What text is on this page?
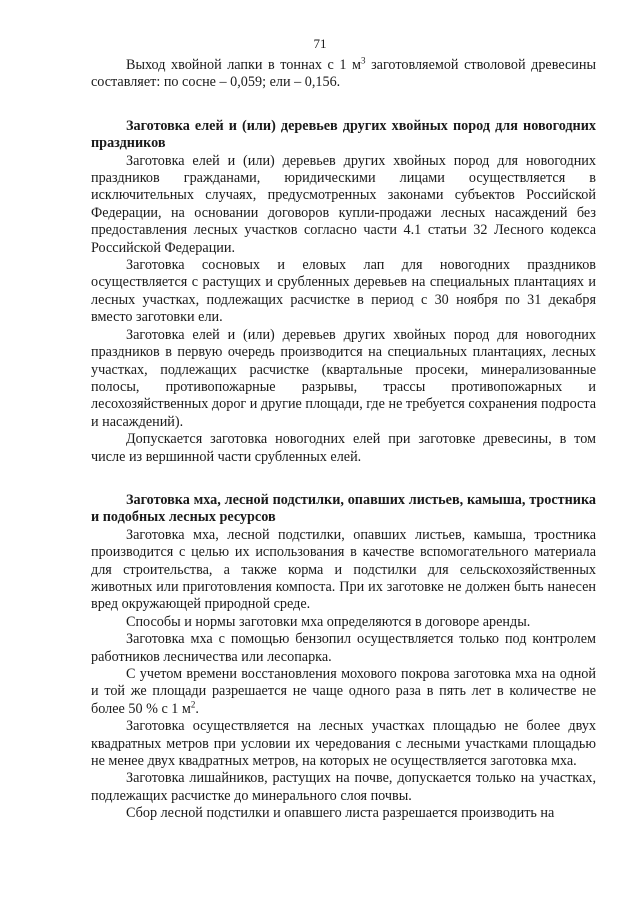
71

Выход хвойной лапки в тоннах с 1 $м^3$ заготовляемой стволовой древесины составляет: по сосне – 0,059; ели – 0,156.

Заготовка елей и (или) деревьев других хвойных пород для новогодних праздников

Заготовка елей и (или) деревьев других хвойных пород для новогодних праздников гражданами, юридическими лицами осуществляется в исключительных случаях, предусмотренных законами субъектов Российской Федерации, на основании договоров купли-продажи лесных насаждений без предоставления лесных участков согласно части 4.1 статьи 32 Лесного кодекса Российской Федерации.

Заготовка сосновых и еловых лап для новогодних праздников осуществляется с растущих и срубленных деревьев на специальных плантациях и лесных участках, подлежащих расчистке в период с 30 ноября по 31 декабря вместо заготовки ели.

Заготовка елей и (или) деревьев других хвойных пород для новогодних праздников в первую очередь производится на специальных плантациях, лесных участках, подлежащих расчистке (квартальные просеки, минерализованные полосы, противопожарные разрывы, трассы противопожарных и лесохозяйственных дорог и другие площади, где не требуется сохранения подроста и насаждений).

Допускается заготовка новогодних елей при заготовке древесины, в том числе из вершинной части срубленных елей.

Заготовка мха, лесной подстилки, опавших листьев, камыша, тростника и подобных лесных ресурсов

Заготовка мха, лесной подстилки, опавших листьев, камыша, тростника производится с целью их использования в качестве вспомогательного материала для строительства, а также корма и подстилки для сельскохозяйственных животных или приготовления компоста. При их заготовке не должен быть нанесен вред окружающей природной среде.

Способы и нормы заготовки мха определяются в договоре аренды.

Заготовка мха с помощью бензопил осуществляется только под контролем работников лесничества или лесопарка.

С учетом времени восстановления мохового покрова заготовка мха на одной и той же площади разрешается не чаще одного раза в пять лет в количестве не более 50 % с 1 $м^2$.

Заготовка осуществляется на лесных участках площадью не более двух квадратных метров при условии их чередования с лесными участками площадью не менее двух квадратных метров, на которых не осуществляется заготовка мха.

Заготовка лишайников, растущих на почве, допускается только на участках, подлежащих расчистке до минерального слоя почвы.

Сбор лесной подстилки и опавшего листа разрешается производить на
